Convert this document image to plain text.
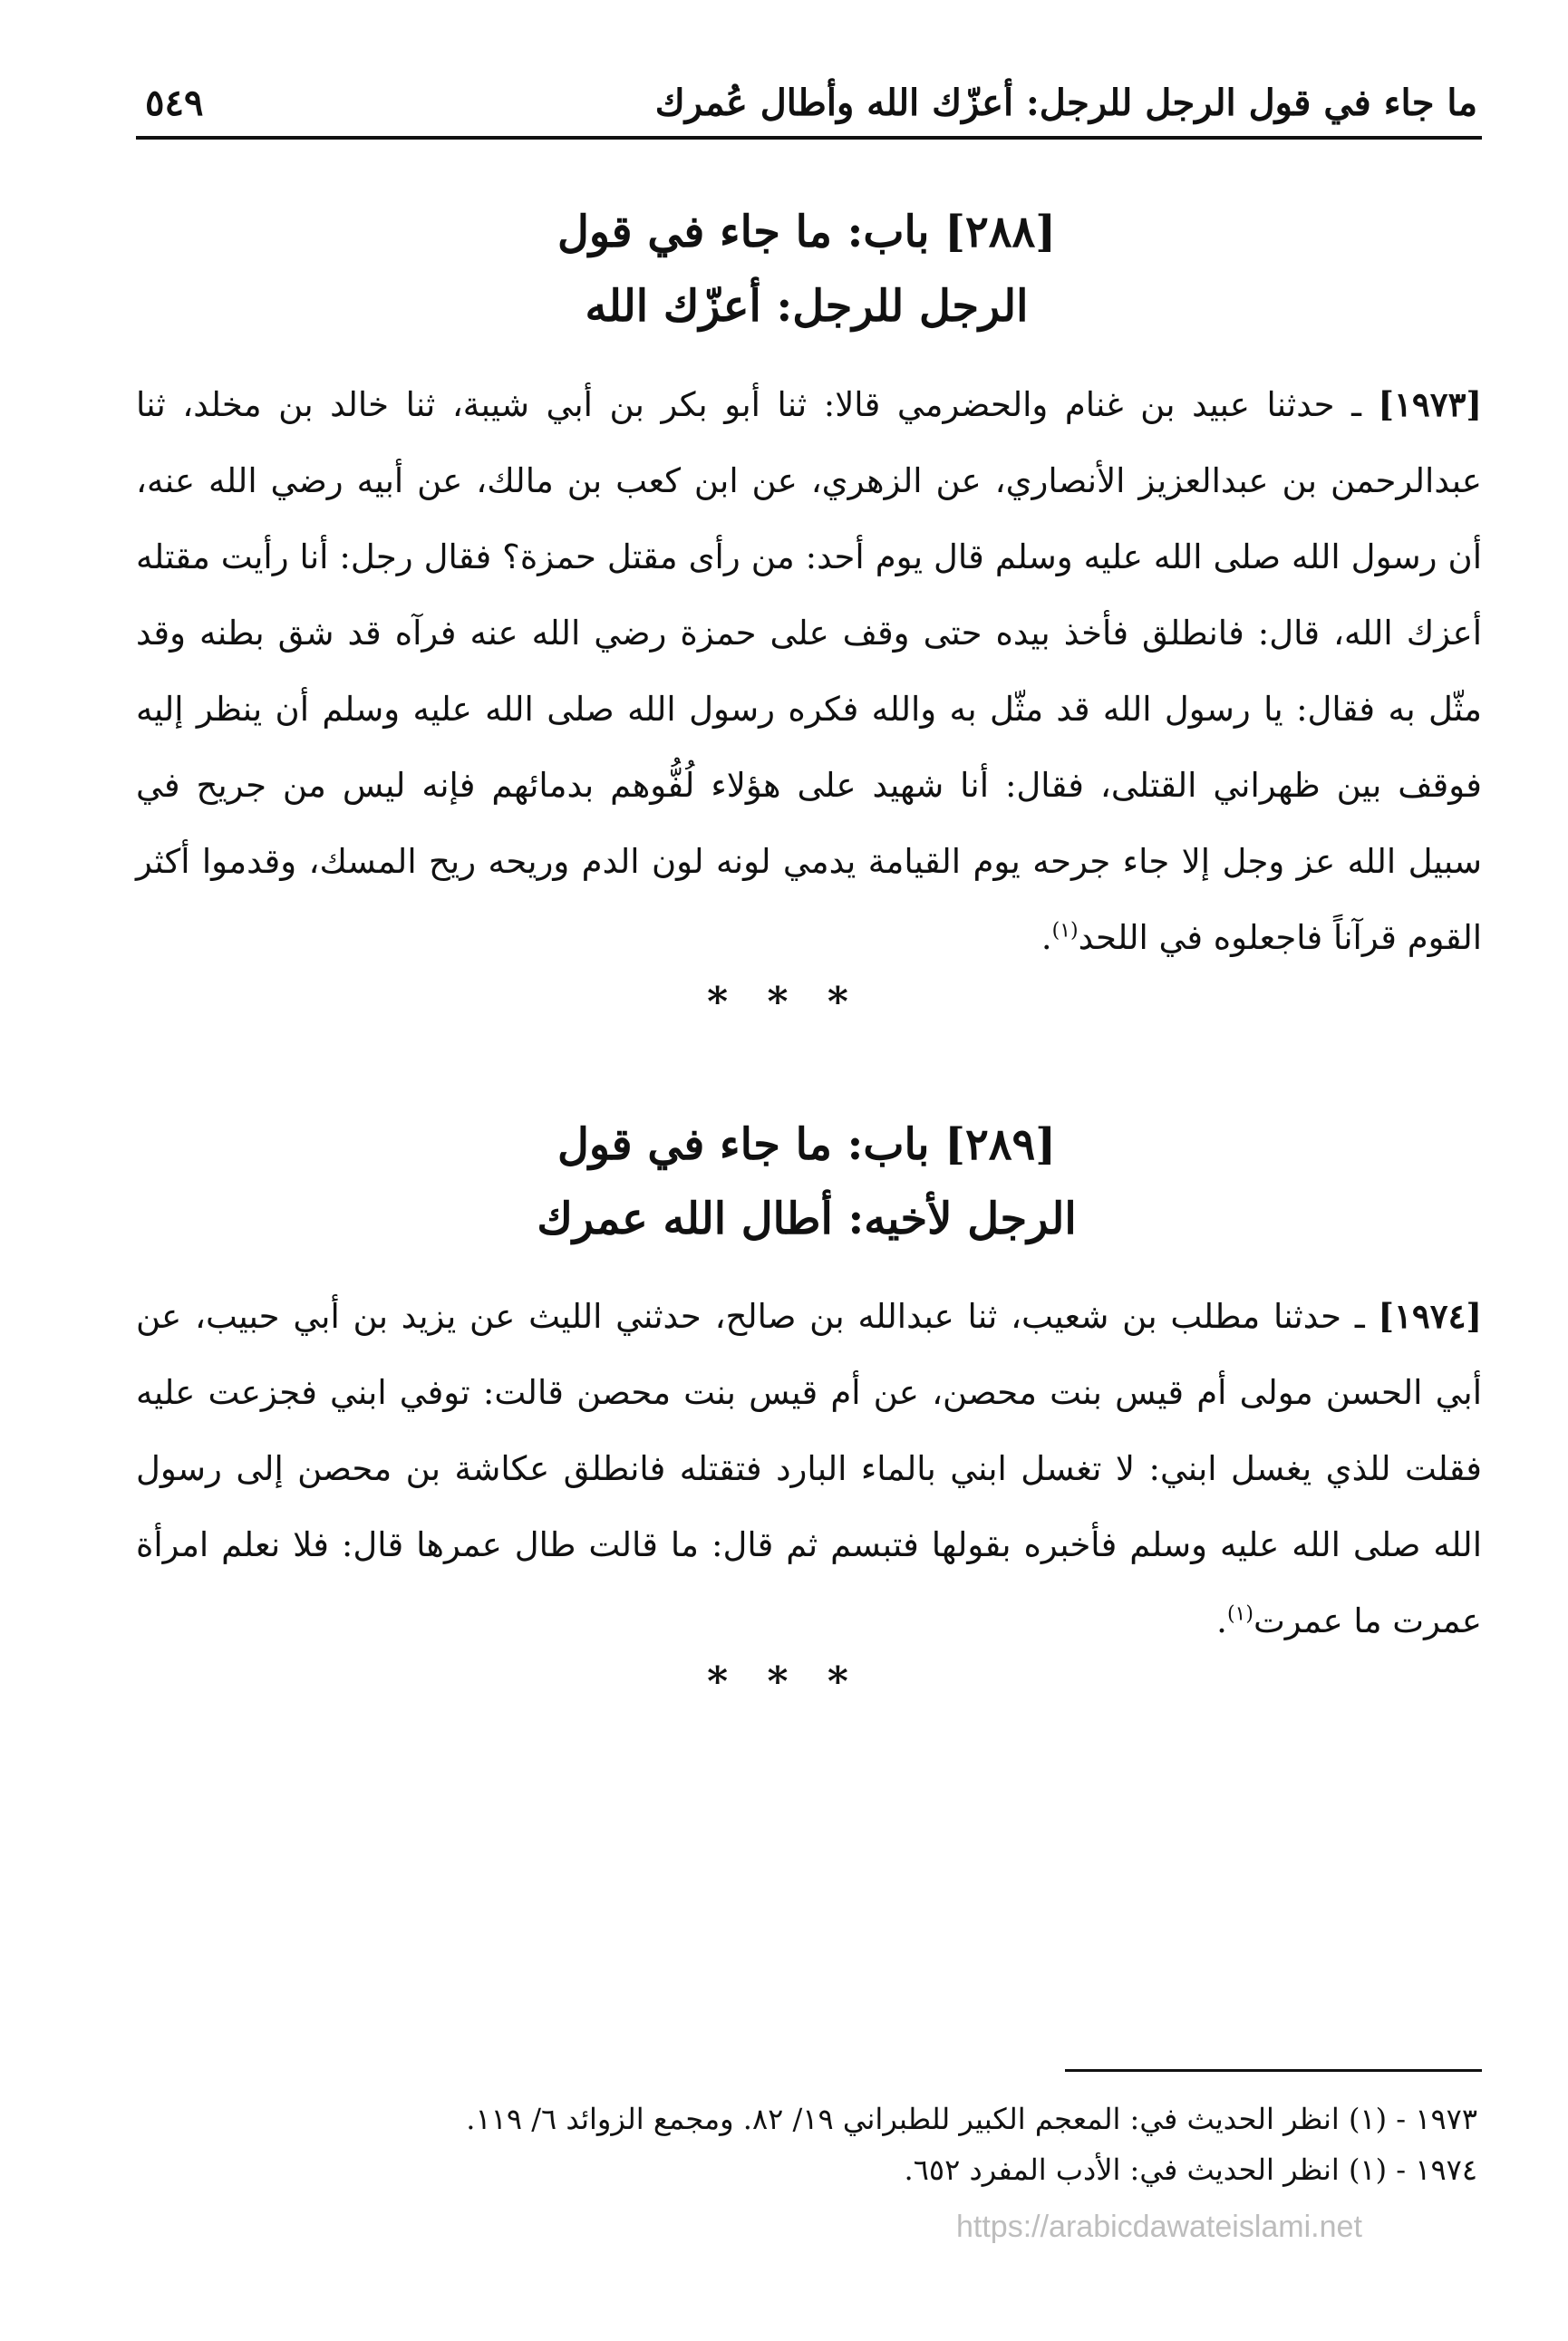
ما جاء في قول الرجل للرجل: أعزّك الله وأطال عُمرك
٥٤٩
[٢٨٨] باب: ما جاء في قول
الرجل للرجل: أعزّك الله
[١٩٧٣] ـ حدثنا عبيد بن غنام والحضرمي قالا: ثنا أبو بكر بن أبي شيبة، ثنا خالد بن مخلد، ثنا عبدالرحمن بن عبدالعزيز الأنصاري، عن الزهري، عن ابن كعب بن مالك، عن أبيه رضي الله عنه، أن رسول الله صلى الله عليه وسلم قال يوم أحد: من رأى مقتل حمزة؟ فقال رجل: أنا رأيت مقتله أعزك الله، قال: فانطلق فأخذ بيده حتى وقف على حمزة رضي الله عنه فرآه قد شق بطنه وقد مثّل به فقال: يا رسول الله قد مثّل به والله فكره رسول الله صلى الله عليه وسلم أن ينظر إليه فوقف بين ظهراني القتلى، فقال: أنا شهيد على هؤلاء لُفُّوهم بدمائهم فإنه ليس من جريح في سبيل الله عز وجل إلا جاء جرحه يوم القيامة يدمي لونه لون الدم وريحه ريح المسك، وقدموا أكثر القوم قرآناً فاجعلوه في اللحد$^{(١)}$.
* * *
[٢٨٩] باب: ما جاء في قول
الرجل لأخيه: أطال الله عمرك
[١٩٧٤] ـ حدثنا مطلب بن شعيب، ثنا عبدالله بن صالح، حدثني الليث عن يزيد بن أبي حبيب، عن أبي الحسن مولى أم قيس بنت محصن، عن أم قيس بنت محصن قالت: توفي ابني فجزعت عليه فقلت للذي يغسل ابني: لا تغسل ابني بالماء البارد فتقتله فانطلق عكاشة بن محصن إلى رسول الله صلى الله عليه وسلم فأخبره بقولها فتبسم ثم قال: ما قالت طال عمرها قال: فلا نعلم امرأة عمرت ما عمرت$^{(١)}$.
* * *
١٩٧٣ - (١) انظر الحديث في: المعجم الكبير للطبراني ١٩/ ٨٢. ومجمع الزوائد ٦/ ١١٩.
١٩٧٤ - (١) انظر الحديث في: الأدب المفرد ٦٥٢.
https://arabicdawateislami.net
